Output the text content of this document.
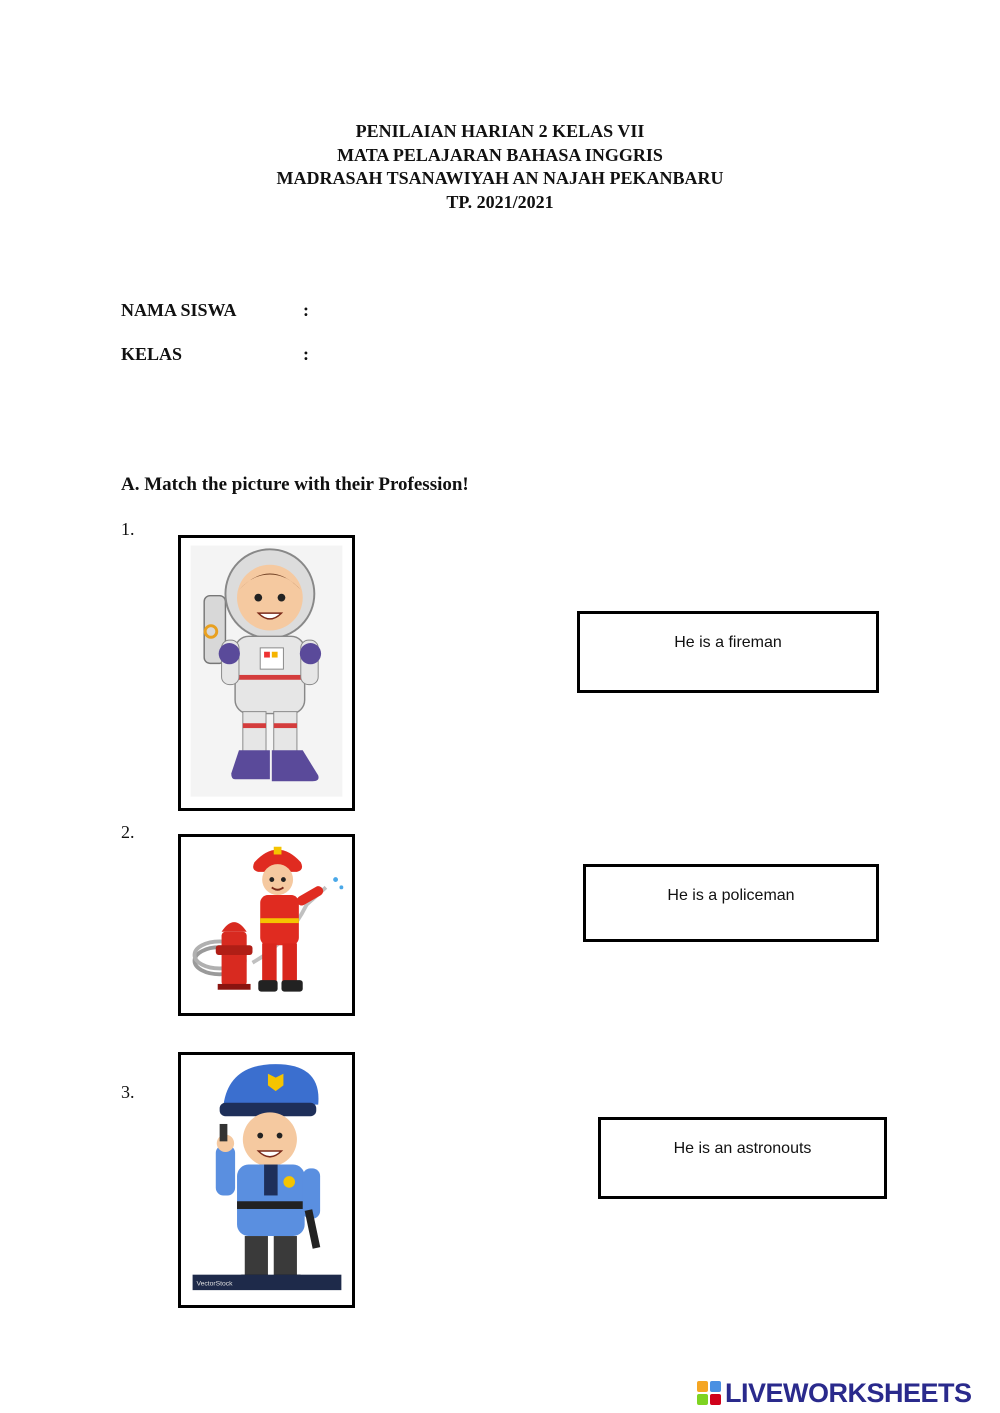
PENILAIAN HARIAN 2 KELAS VII
MATA PELAJARAN BAHASA INGGRIS
MADRASAH TSANAWIYAH AN NAJAH PEKANBARU
TP. 2021/2021
NAMA SISWA	:
KELAS	:
A. Match the picture with their Profession!
1.
2.
3.
VectorStock
He is a fireman
He is a policeman
He is an astronouts
LIVEWORKSHEETS
